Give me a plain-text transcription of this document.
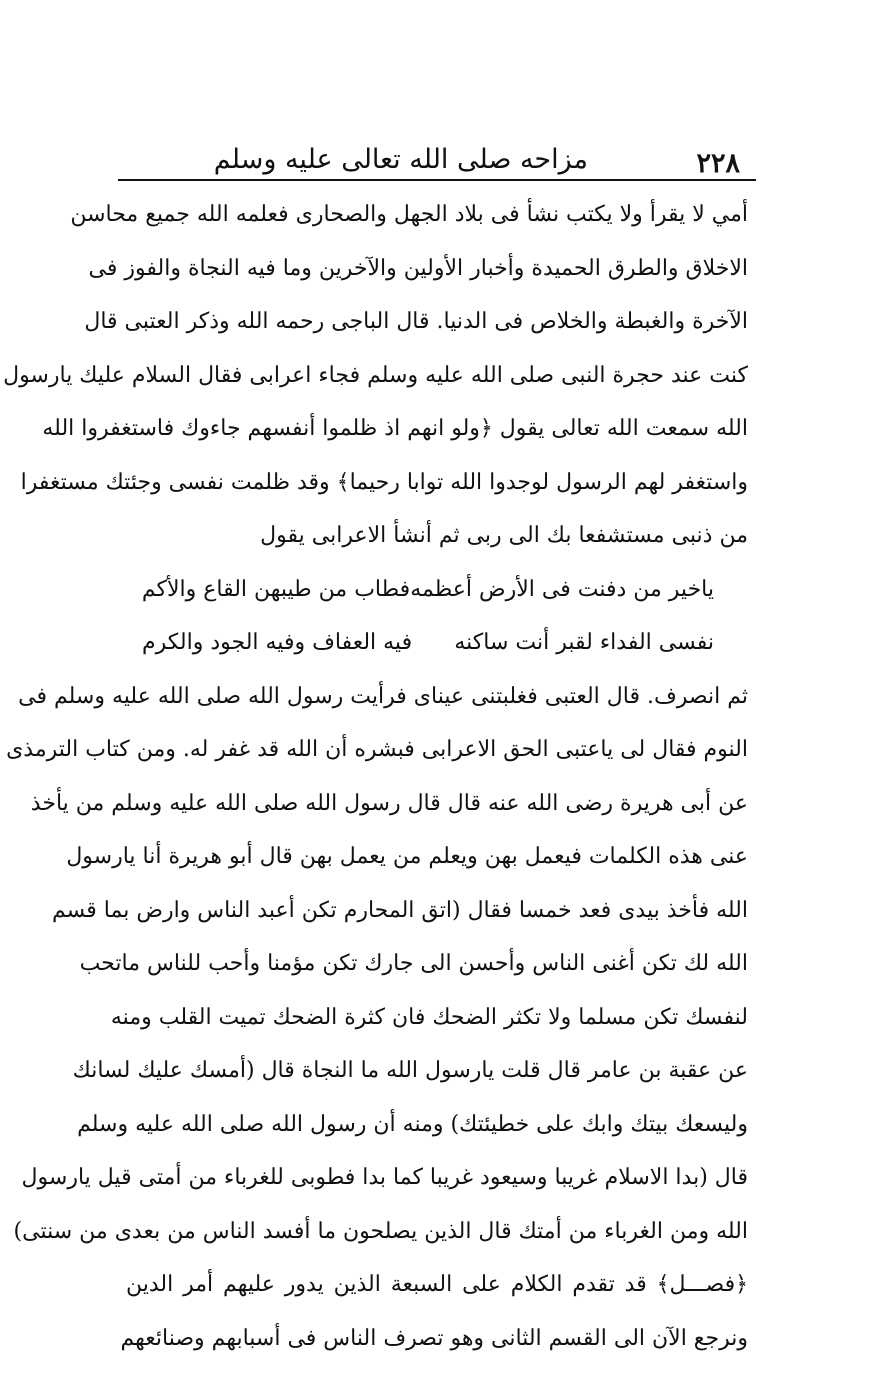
٢٢٨
مزاحه صلى الله تعالى عليه وسلم
أمي لا يقرأ ولا يكتب نشأ فى بلاد الجهل والصحارى فعلمه الله جميع محاسن
الاخلاق والطرق الحميدة وأخبار الأولين والآخرين وما فيه النجاة والفوز فى
الآخرة والغبطة والخلاص فى الدنيا. قال الباجى رحمه الله وذكر العتبى قال
كنت عند حجرة النبى صلى الله عليه وسلم فجاء اعرابى فقال السلام عليك يارسول
الله سمعت الله تعالى يقول ﴿ولو انهم اذ ظلموا أنفسهم جاءوك فاستغفروا الله
واستغفر لهم الرسول لوجدوا الله توابا رحيما﴾ وقد ظلمت نفسى وجئتك مستغفرا
من ذنبى مستشفعا بك الى ربى ثم أنشأ الاعرابى يقول
ياخير من دفنت فى الأرض أعظمه
فطاب من طيبهن القاع والأكم
نفسى الفداء لقبر أنت ساكنه
فيه العفاف وفيه الجود والكرم
ثم انصرف. قال العتبى فغلبتنى عيناى فرأيت رسول الله صلى الله عليه وسلم فى
النوم فقال لى ياعتبى الحق الاعرابى فبشره أن الله قد غفر له. ومن كتاب الترمذى
عن أبى هريرة رضى الله عنه قال قال رسول الله صلى الله عليه وسلم من يأخذ
عنى هذه الكلمات فيعمل بهن ويعلم من يعمل بهن قال أبو هريرة أنا يارسول
الله فأخذ بيدى فعد خمسا فقال (اتق المحارم تكن أعبد الناس وارض بما قسم
الله لك تكن أغنى الناس وأحسن الى جارك تكن مؤمنا وأحب للناس ماتحب
لنفسك تكن مسلما ولا تكثر الضحك فان كثرة الضحك تميت القلب ومنه
عن عقبة بن عامر قال قلت يارسول الله ما النجاة قال (أمسك عليك لسانك
وليسعك بيتك وابك على خطيئتك) ومنه أن رسول الله صلى الله عليه وسلم
قال (بدا الاسلام غريبا وسيعود غريبا كما بدا فطوبى للغرباء من أمتى قيل يارسول
الله ومن الغرباء من أمتك قال الذين يصلحون ما أفسد الناس من بعدى من سنتى)
﴿فصـــل﴾ قد تقدم الكلام على السبعة الذين يدور عليهم أمر الدين
ونرجع الآن الى القسم الثانى وهو تصرف الناس فى أسبابهم وصنائعهم
